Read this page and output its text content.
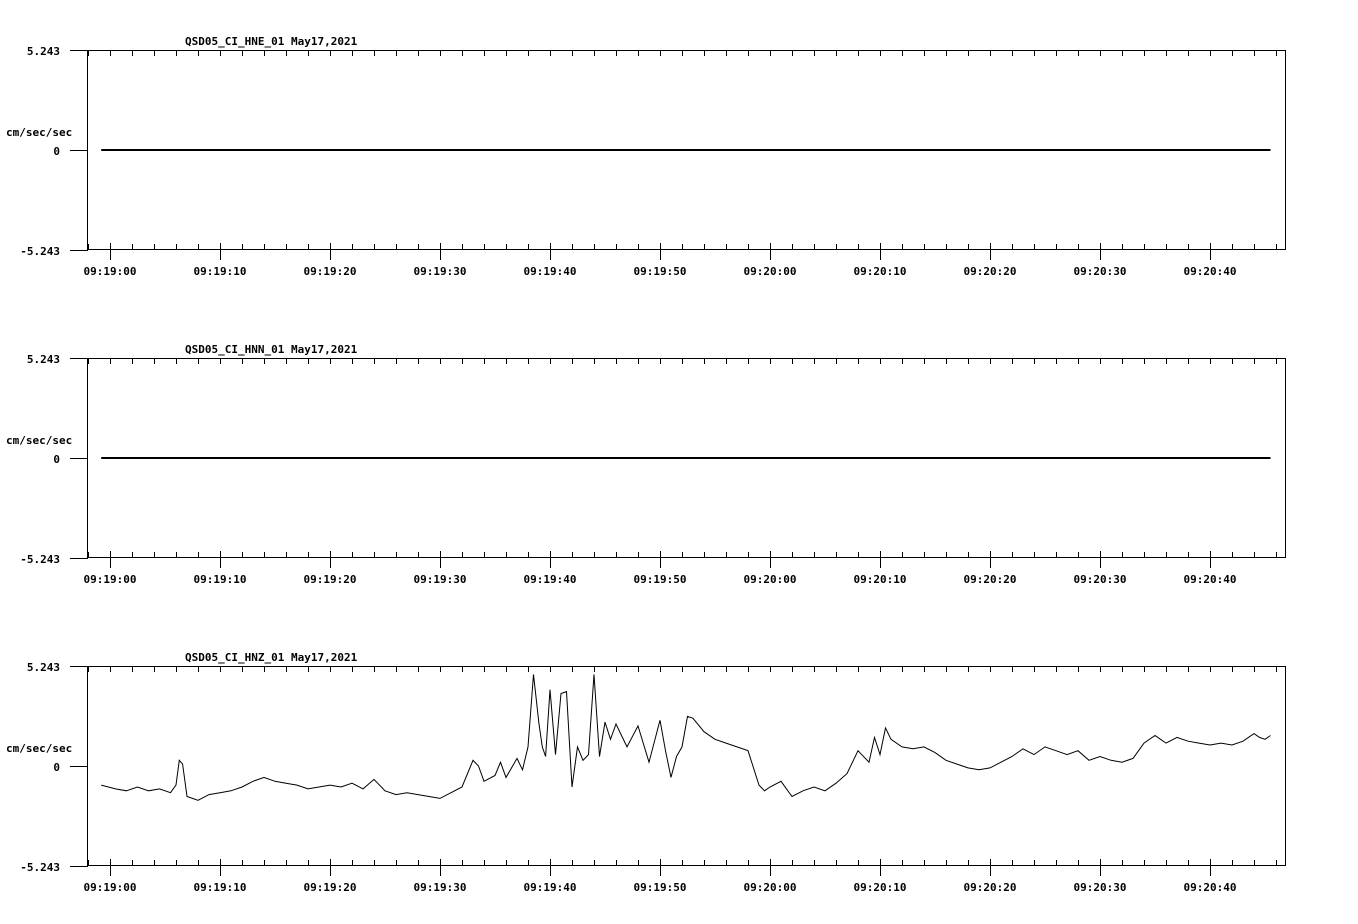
QSD05_CI_HNE_01 May17,2021
5.243
cm/sec/sec
0
-5.243
09:19:00	09:19:10	09:19:20	09:19:30	09:19:40	09:19:50	09:20:00	09:20:10	09:20:20	09:20:30	09:20:40
QSD05_CI_HNN_01 May17,2021
5.243
cm/sec/sec
0
-5.243
09:19:00	09:19:10	09:19:20	09:19:30	09:19:40	09:19:50	09:20:00	09:20:10	09:20:20	09:20:30	09:20:40
QSD05_CI_HNZ_01 May17,2021
5.243
cm/sec/sec
0
-5.243
09:19:00	09:19:10	09:19:20	09:19:30	09:19:40	09:19:50	09:20:00	09:20:10	09:20:20	09:20:30	09:20:40
